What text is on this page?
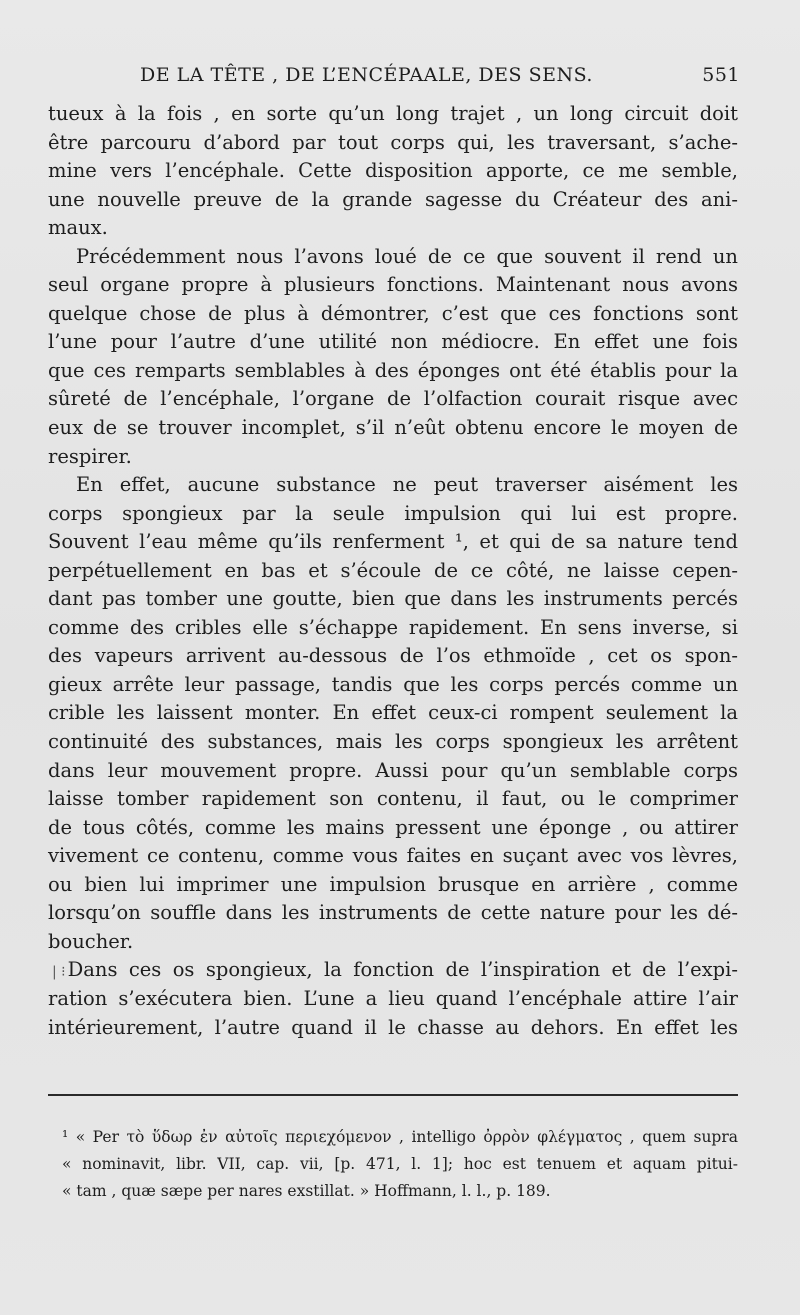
DE LA TÊTE , DE L’ENCÉPAALE, DES SENS.	551
tueux à la fois , en sorte qu’un long trajet , un long circuit doit
être parcouru d’abord par tout corps qui, les traversant, s’ache-
mine vers l’encéphale. Cette disposition apporte, ce me semble,
une nouvelle preuve de la grande sagesse du Créateur des ani-
maux.
Précédemment nous l’avons loué de ce que souvent il rend un
seul organe propre à plusieurs fonctions. Maintenant nous avons
quelque chose de plus à démontrer, c’est que ces fonctions sont
l’une pour l’autre d’une utilité non médiocre. En effet une fois
que ces remparts semblables à des éponges ont été établis pour la
sûreté de l’encéphale, l’organe de l’olfaction courait risque avec
eux de se trouver incomplet, s’il n’eût obtenu encore le moyen de
respirer.
En effet, aucune substance ne peut traverser aisément les
corps spongieux par la seule impulsion qui lui est propre.
Souvent l’eau même qu’ils renferment ¹, et qui de sa nature tend
perpétuellement en bas et s’écoule de ce côté, ne laisse cepen-
dant pas tomber une goutte, bien que dans les instruments percés
comme des cribles elle s’échappe rapidement. En sens inverse, si
des vapeurs arrivent au-dessous de l’os ethmoïde , cet os spon-
gieux arrête leur passage, tandis que les corps percés comme un
crible les laissent monter. En effet ceux-ci rompent seulement la
continuité des substances, mais les corps spongieux les arrêtent
dans leur mouvement propre. Aussi pour qu’un semblable corps
laisse tomber rapidement son contenu, il faut, ou le comprimer
de tous côtés, comme les mains pressent une éponge , ou attirer
vivement ce contenu, comme vous faites en suçant avec vos lèvres,
ou bien lui imprimer une impulsion brusque en arrière , comme
lorsqu’on souffle dans les instruments de cette nature pour les dé-
boucher.
| ⁝ Dans ces os spongieux, la fonction de l’inspiration et de l’expi-
ration s’exécutera bien. L’une a lieu quand l’encéphale attire l’air
intérieurement, l’autre quand il le chasse au dehors. En effet les
¹ « Per τὸ ὕδωρ ἐν αὐτοῖς περιεχόμενον , intelligo ὀρρὸν φλέγματος , quem supra
« nominavit, libr. VII, cap. vii, [p. 471, l. 1]; hoc est tenuem et aquam pitui-
« tam , quæ sæpe per nares exstillat. » Hoffmann, l. l., p. 189.
